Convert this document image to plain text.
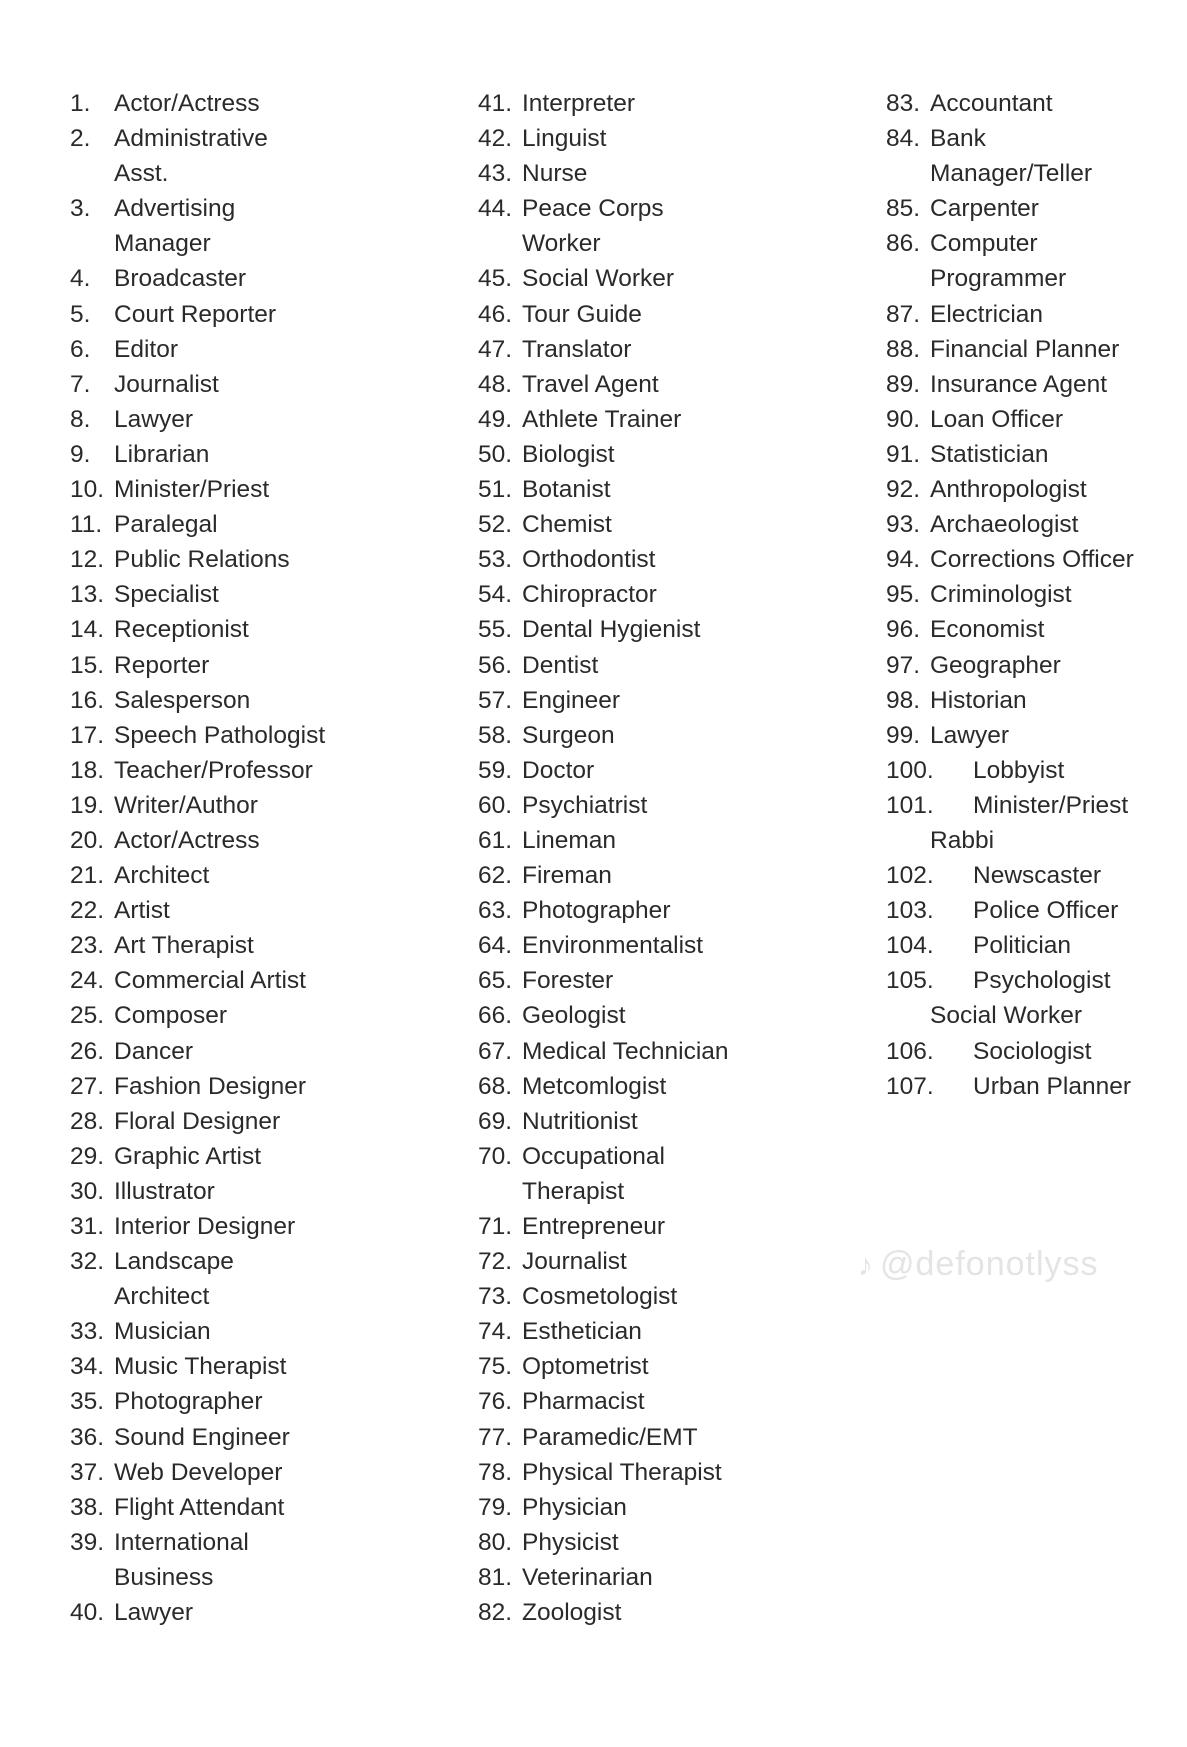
1. Actor/Actress
2. Administrative
Asst.
3. Advertising
Manager
4. Broadcaster
5. Court Reporter
6. Editor
7. Journalist
8. Lawyer
9. Librarian
10. Minister/Priest
11. Paralegal
12. Public Relations
13. Specialist
14. Receptionist
15. Reporter
16. Salesperson
17. Speech Pathologist
18.Teacher/Professor
19. Writer/Author
20. Actor/Actress
21. Architect
22. Artist
23. Art Therapist
24. Commercial Artist
25. Composer
26. Dancer
27. Fashion Designer
28. Floral Designer
29. Graphic Artist
30. Illustrator
31. Interior Designer
32. Landscape
Architect
33. Musician
34. Music Therapist
35. Photographer
36. Sound Engineer
37. Web Developer
38. Flight Attendant
39. International
Business
40. Lawyer
41. Interpreter
42. Linguist
43. Nurse
44. Peace Corps
Worker
45. Social Worker
46. Tour Guide
47. Translator
48. Travel Agent
49. Athlete Trainer
50. Biologist
51. Botanist
52. Chemist
53. Orthodontist
54. Chiropractor
55. Dental Hygienist
56. Dentist
57. Engineer
58. Surgeon
59. Doctor
60. Psychiatrist
61. Lineman
62. Fireman
63. Photographer
64. Environmentalist
65. Forester
66. Geologist
67. Medical Technician
68. Metcomlogist
69. Nutritionist
70. Occupational
Therapist
71. Entrepreneur
72. Journalist
73. Cosmetologist
74. Esthetician
75. Optometrist
76. Pharmacist
77. Paramedic/EMT
78. Physical Therapist
79.Physician
80. Physicist
81. Veterinarian
82. Zoologist
83. Accountant
84. Bank
Manager/Teller
85. Carpenter
86. Computer
Programmer
87. Electrician
88. Financial Planner
89. Insurance Agent
90. Loan Officer
91. Statistician
92. Anthropologist
93.Archaeologist
94. Corrections Officer
95. Criminologist
96. Economist
97. Geographer
98. Historian
99. Lawyer
100. Lobbyist
101. Minister/Priest
Rabbi
102. Newscaster
103. Police Officer
104. Politician
105. Psychologist
Social Worker
106. Sociologist
107. Urban Planner
♪ @defonotlyss
